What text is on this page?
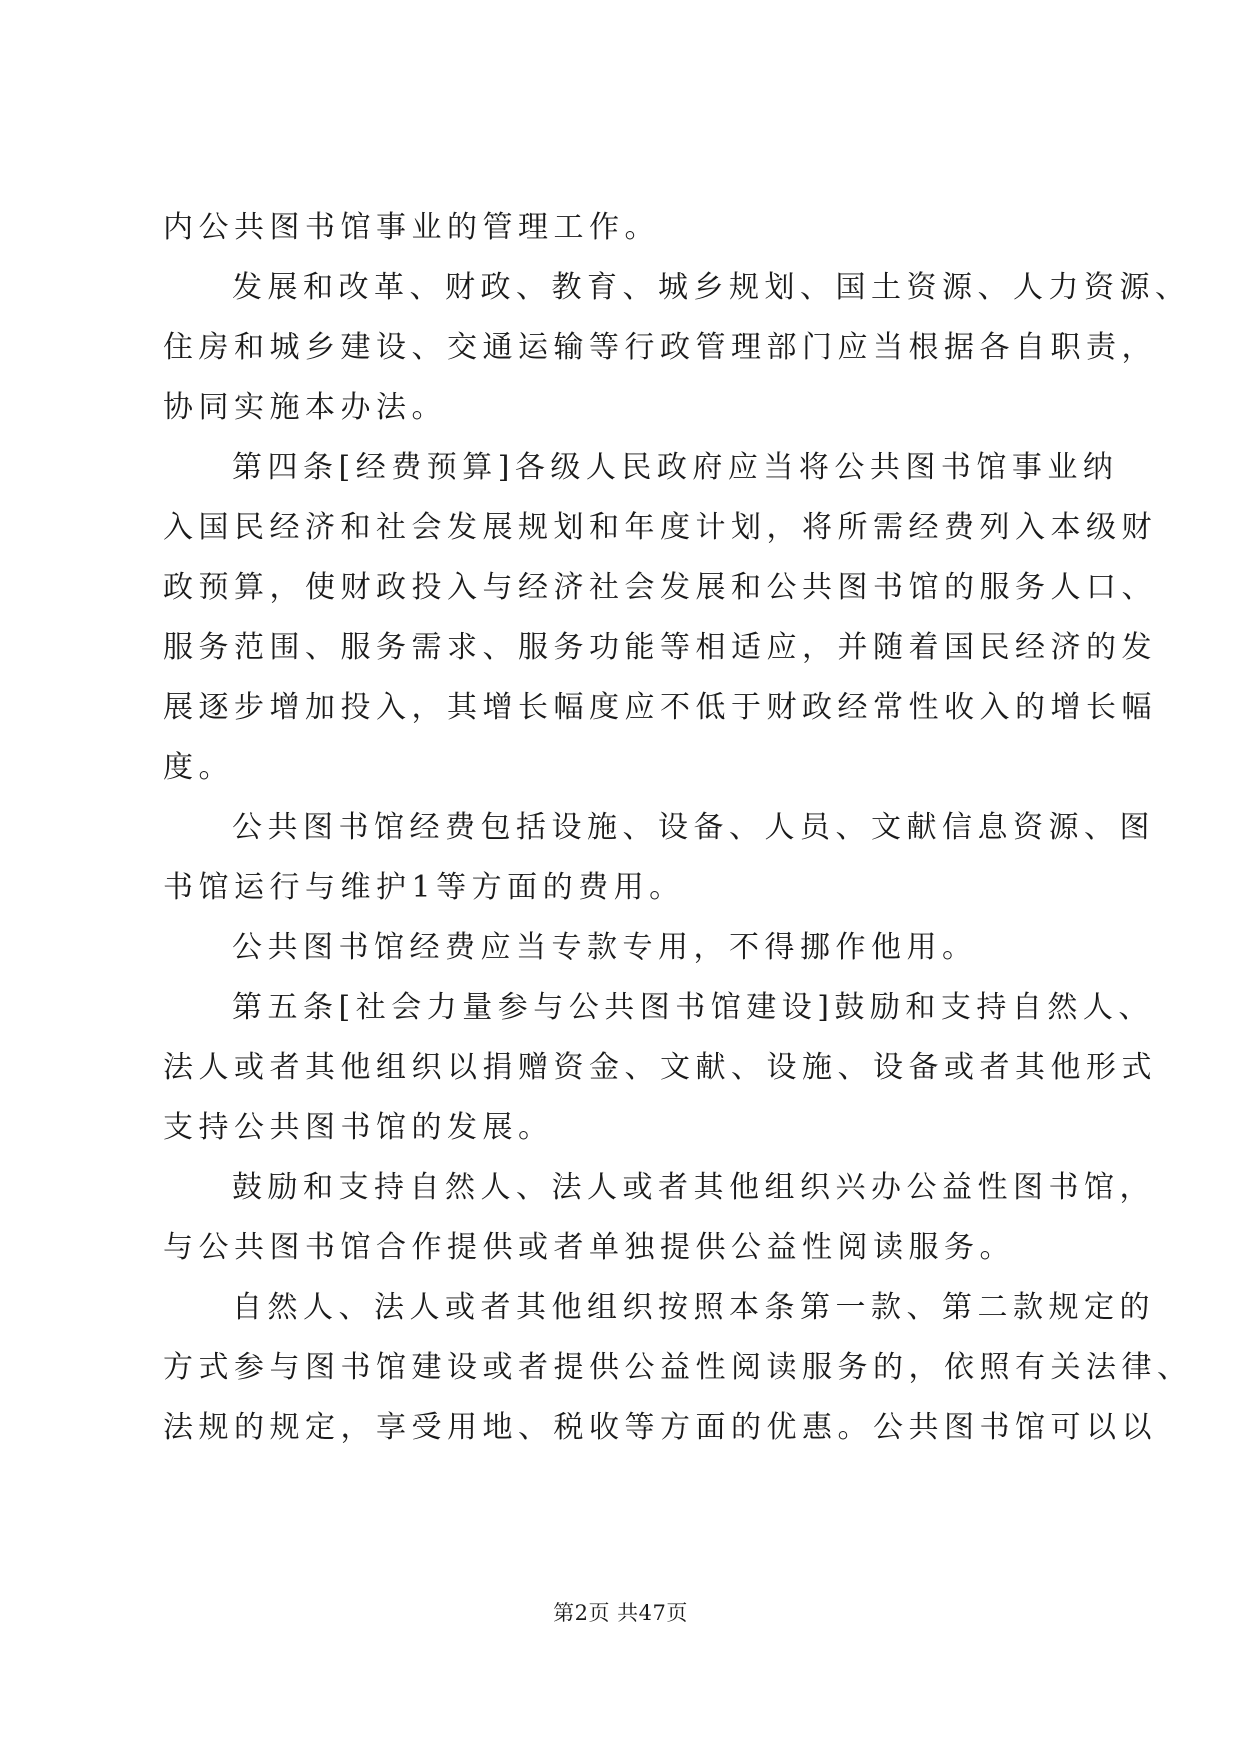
内公共图书馆事业的管理工作。
发展和改革、财政、教育、城乡规划、国土资源、人力资源、
住房和城乡建设、交通运输等行政管理部门应当根据各自职责，
协同实施本办法。
第四条[经费预算]各级人民政府应当将公共图书馆事业纳
入国民经济和社会发展规划和年度计划，将所需经费列入本级财
政预算，使财政投入与经济社会发展和公共图书馆的服务人口、
服务范围、服务需求、服务功能等相适应，并随着国民经济的发
展逐步增加投入，其增长幅度应不低于财政经常性收入的增长幅
度。
公共图书馆经费包括设施、设备、人员、文献信息资源、图
书馆运行与维护1等方面的费用。
公共图书馆经费应当专款专用，不得挪作他用。
第五条[社会力量参与公共图书馆建设]鼓励和支持自然人、
法人或者其他组织以捐赠资金、文献、设施、设备或者其他形式
支持公共图书馆的发展。
鼓励和支持自然人、法人或者其他组织兴办公益性图书馆，
与公共图书馆合作提供或者单独提供公益性阅读服务。
自然人、法人或者其他组织按照本条第一款、第二款规定的
方式参与图书馆建设或者提供公益性阅读服务的，依照有关法律、
法规的规定，享受用地、税收等方面的优惠。公共图书馆可以以
第2页 共47页
